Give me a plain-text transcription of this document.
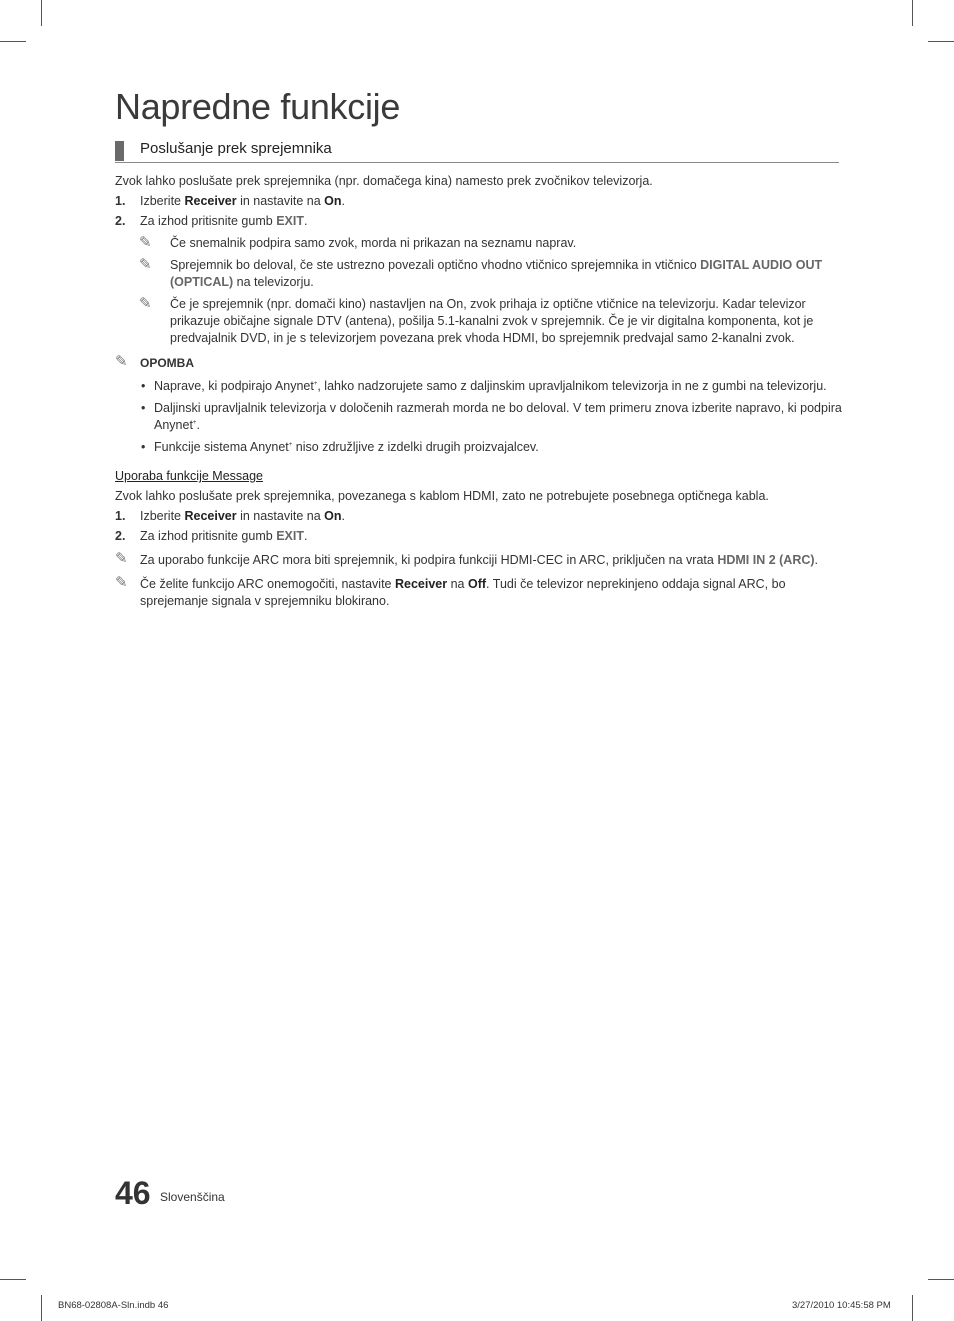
Napredne funkcije
Poslušanje prek sprejemnika

Zvok lahko poslušate prek sprejemnika (npr. domačega kina) namesto prek zvočnikov televizorja.

1. Izberite Receiver in nastavite na On.

2. Za izhod pritisnite gumb EXIT.

✎ Če snemalnik podpira samo zvok, morda ni prikazan na seznamu naprav.

✎ Sprejemnik bo deloval, če ste ustrezno povezali optično vhodno vtičnico sprejemnika in vtičnico DIGITAL AUDIO OUT (OPTICAL) na televizorju.

✎ Če je sprejemnik (npr. domači kino) nastavljen na On, zvok prihaja iz optične vtičnice na televizorju. Kadar televizor prikazuje običajne signale DTV (antena), pošilja 5.1-kanalni zvok v sprejemnik. Če je vir digitalna komponenta, kot je predvajalnik DVD, in je s televizorjem povezana prek vhoda HDMI, bo sprejemnik predvajal samo 2-kanalni zvok.

✎ OPOMBA
• Naprave, ki podpirajo Anynet+, lahko nadzorujete samo z daljinskim upravljalnikom televizorja in ne z gumbi na televizorju.
• Daljinski upravljalnik televizorja v določenih razmerah morda ne bo deloval. V tem primeru znova izberite napravo, ki podpira Anynet+.
• Funkcije sistema Anynet+ niso združljive z izdelki drugih proizvajalcev.

Uporaba funkcije Message

Zvok lahko poslušate prek sprejemnika, povezanega s kablom HDMI, zato ne potrebujete posebnega optičnega kabla.

1. Izberite Receiver in nastavite na On.

2. Za izhod pritisnite gumb EXIT.

✎ Za uporabo funkcije ARC mora biti sprejemnik, ki podpira funkciji HDMI-CEC in ARC, priključen na vrata HDMI IN 2 (ARC).

✎ Če želite funkcijo ARC onemogočiti, nastavite Receiver na Off. Tudi če televizor neprekinjeno oddaja signal ARC, bo sprejemanje signala v sprejemniku blokirano.

46 Slovenščina
BN68-02808A-Sln.indb 46	3/27/2010 10:45:58 PM
